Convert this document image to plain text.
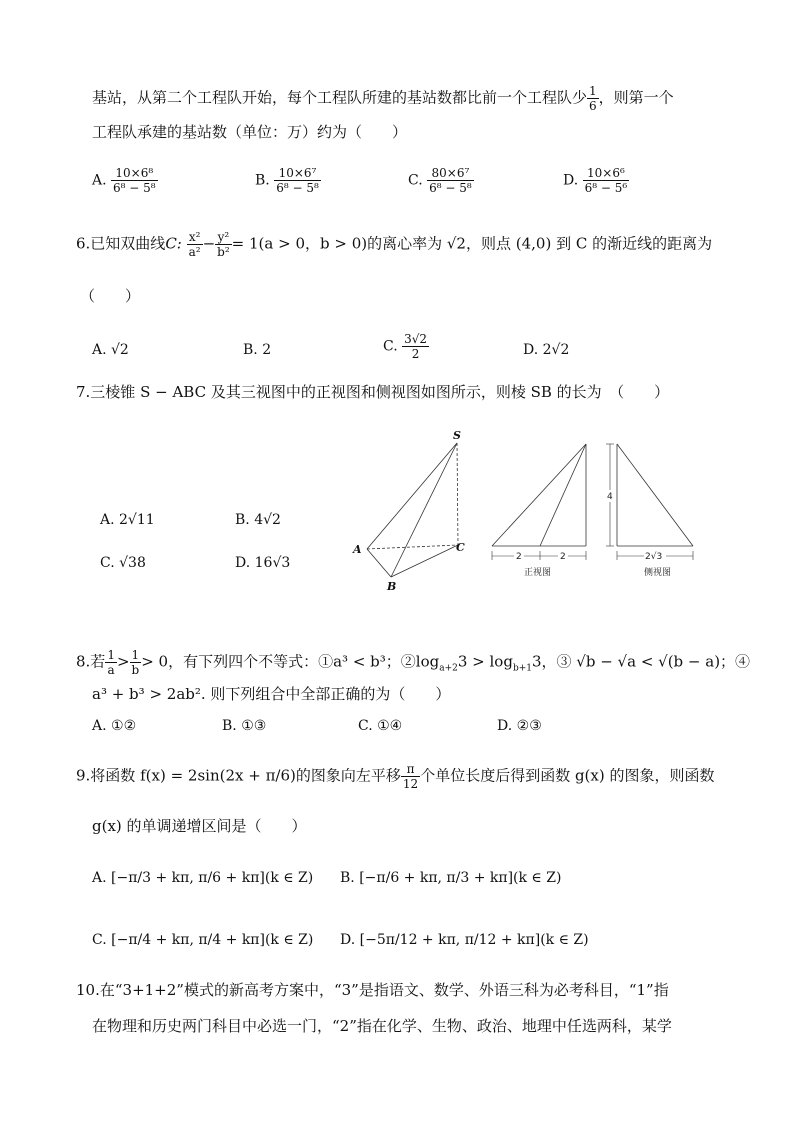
基站，从第二个工程队开始，每个工程队所建的基站数都比前一个工程队少 $\frac{1}{6}$ ，则第一个
工程队承建的基站数（单位：万）约为（　　）
A. $\frac{\text{10×6⁸}}{\text{6⁸ − 5⁸}}$	B. $\frac{\text{10×6⁷}}{\text{6⁸ − 5⁸}}$	C. $\frac{\text{80×6⁷}}{\text{6⁸ − 5⁸}}$	D. $\frac{\text{10×6⁶}}{\text{6⁸ − 5⁶}}$
6.已知双曲线C: $\frac{\text{x²}}{\text{a²}} - \frac{\text{y²}}{\text{b²}} = 1(a > 0$，b > 0)的离心率为 √2，则点 (4,0) 到 C 的渐近线的距离为
（　　）
A. √2	B. 2	C. $\frac{3√2}{2}$	D. 2√2
7.三棱锥 S − ABC 及其三视图中的正视图和侧视图如图所示，则棱 SB 的长为　（　　）
A. 2√11	B. 4√2
C. √38	D. 16√3
S
A
B
C
2	2
正视图
4
2√3
侧视图
8.若 $\frac{1}{a} > \frac{1}{b} > 0$，有下列四个不等式：①a³ < b³；$②\log_{a+2}3 > \log_{b+1}3$，③ √b − √a < √(b − a)；④
a³ + b³ > 2ab². 则下列组合中全部正确的为（　　）
A. ①②	B. ①③	C. ①④	D. ②③
9.将函数 f(x) = 2sin(2x + π/6)的图象向左平移 $\frac{\pi}{12}$ 个单位长度后得到函数 g(x) 的图象，则函数
g(x) 的单调递增区间是（　　）
A. [−π/3 + kπ, π/6 + kπ](k ∈ Z) B. [−π/6 + kπ, π/3 + kπ](k ∈ Z)
C. [−π/4 + kπ, π/4 + kπ](k ∈ Z) D. [−5π/12 + kπ, π/12 + kπ](k ∈ Z)
10.在“3+1+2”模式的新高考方案中，“3”是指语文、数学、外语三科为必考科目，“1”指
在物理和历史两门科目中必选一门，“2”指在化学、生物、政治、地理中任选两科，某学
